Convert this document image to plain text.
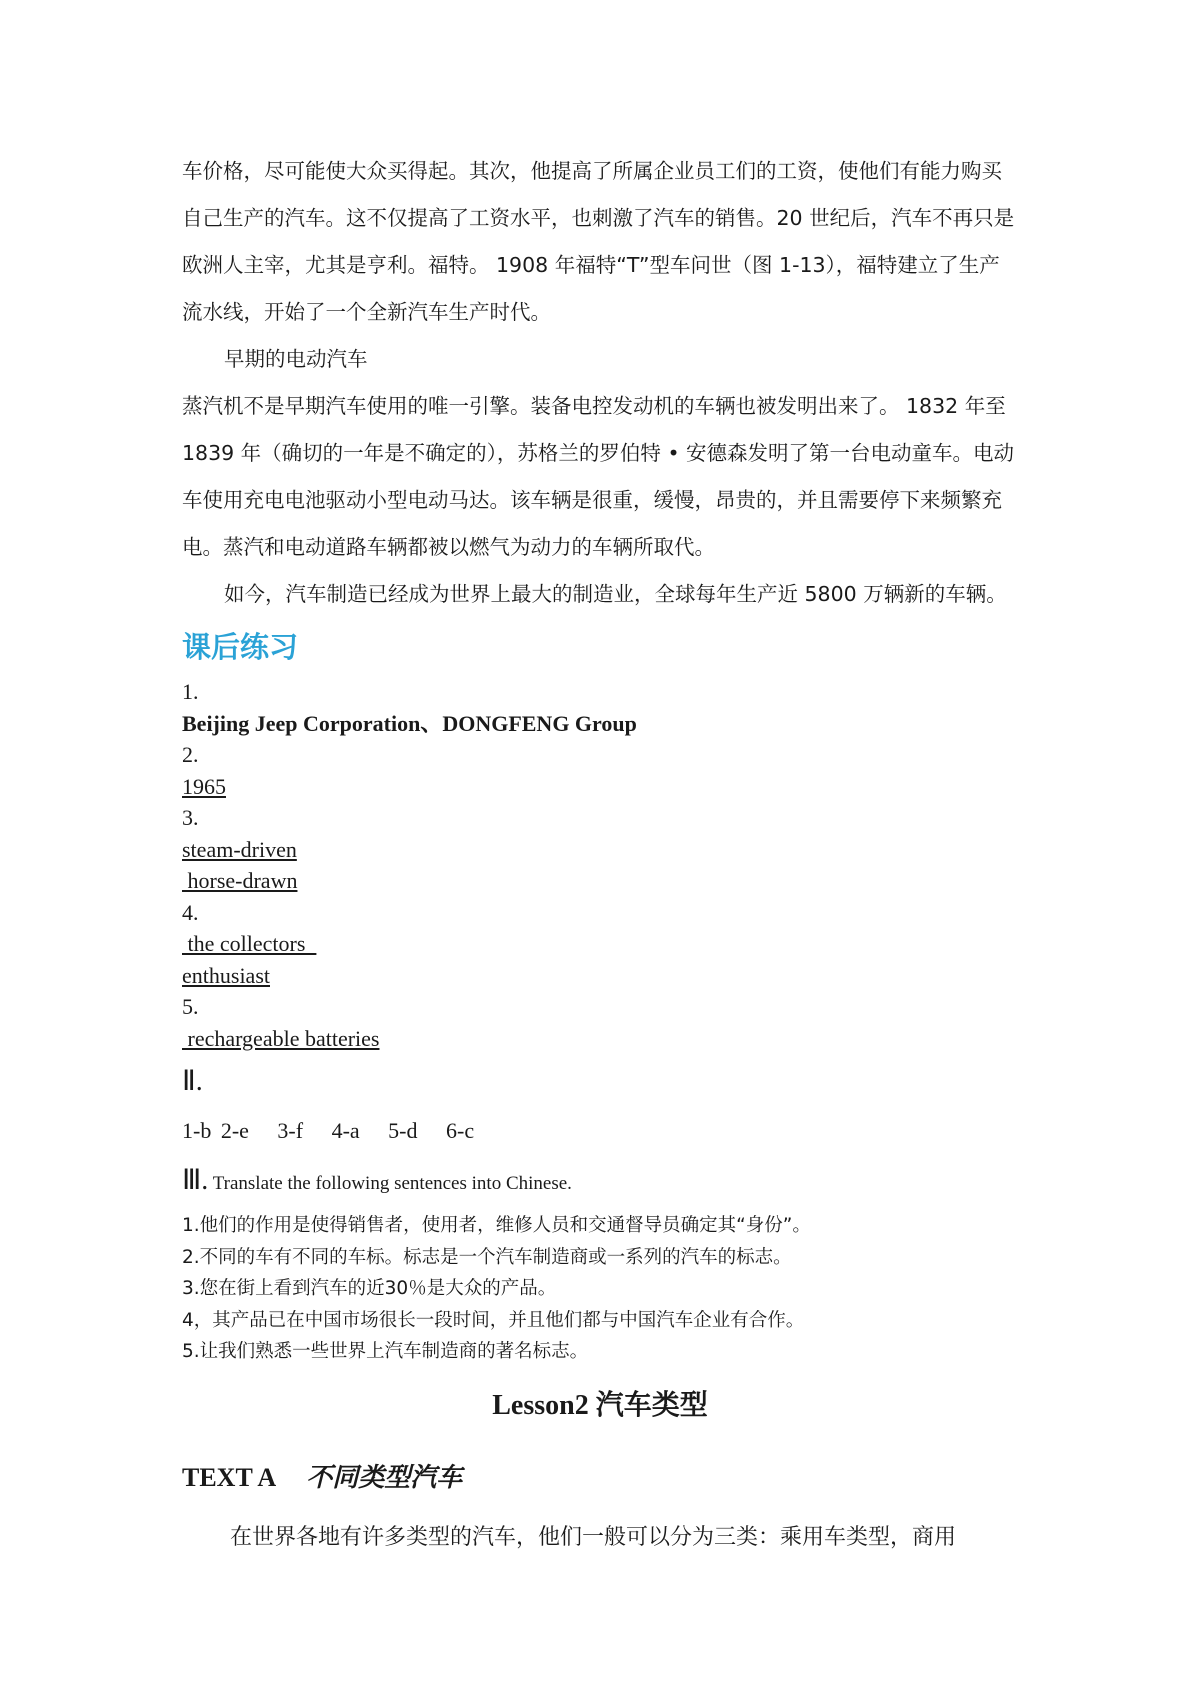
车价格，尽可能使大众买得起。其次，他提高了所属企业员工们的工资，使他们有能力购买自己生产的汽车。这不仅提高了工资水平，也刺激了汽车的销售。20 世纪后，汽车不再只是欧洲人主宰，尤其是亨利。福特。 1908 年福特“T”型车问世（图 1-13），福特建立了生产流水线，开始了一个全新汽车生产时代。

早期的电动汽车

蒸汽机不是早期汽车使用的唯一引擎。装备电控发动机的车辆也被发明出来了。 1832 年至1839 年（确切的一年是不确定的），苏格兰的罗伯特 • 安德森发明了第一台电动童车。电动车使用充电电池驱动小型电动马达。该车辆是很重，缓慢，昂贵的，并且需要停下来频繁充电。蒸汽和电动道路车辆都被以燃气为动力的车辆所取代。

如今，汽车制造已经成为世界上最大的制造业，全球每年生产近 5800 万辆新的车辆。

课后练习
1.
Beijing Jeep Corporation、DONGFENG Group
2.
1965
3.
steam-driven
horse-drawn
4.
the collectors
enthusiast
5.
rechargeable batteries

Ⅱ.

1-b 2-e   3-f   4-a   5-d   6-c

Ⅲ. Translate the following sentences into Chinese.

1.他们的作用是使得销售者，使用者，维修人员和交通督导员确定其“身份”。

2.不同的车有不同的车标。标志是一个汽车制造商或一系列的汽车的标志。

3.您在街上看到汽车的近30％是大众的产品。

4，其产品已在中国市场很长一段时间，并且他们都与中国汽车企业有合作。

5.让我们熟悉一些世界上汽车制造商的著名标志。

Lesson2 汽车类型

TEXT A 不同类型汽车

在世界各地有许多类型的汽车，他们一般可以分为三类：乘用车类型，商用
